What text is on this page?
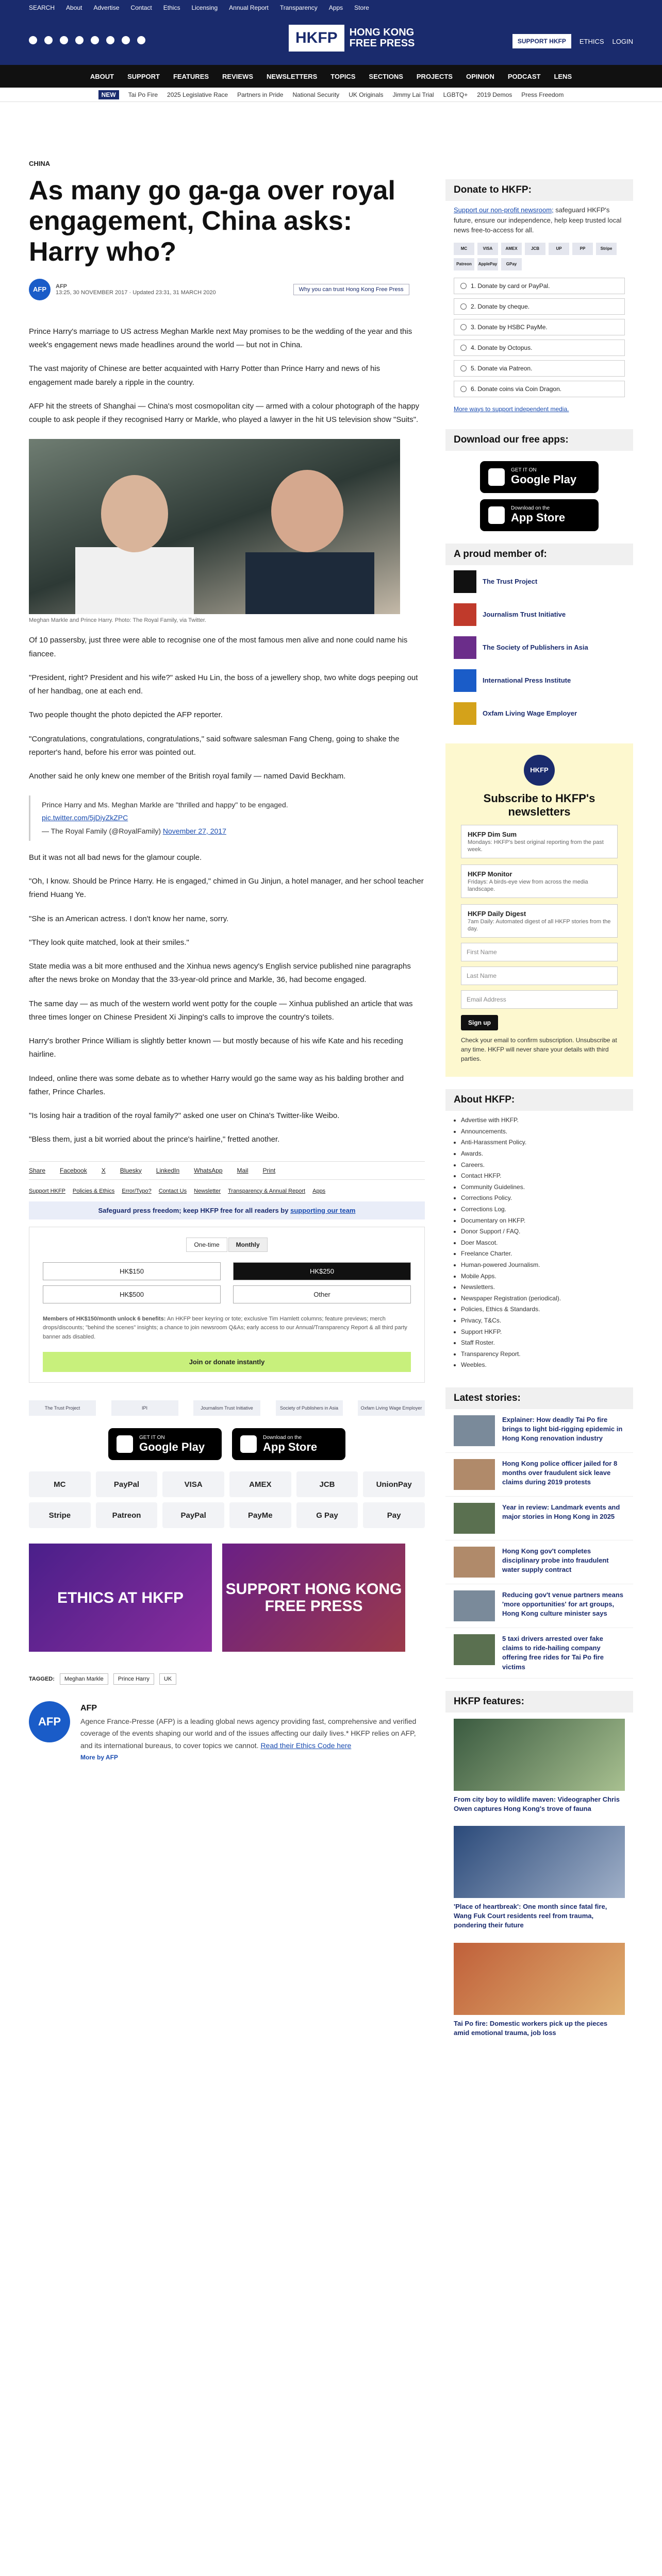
SEARCH About Advertise Contact Ethics Licensing Annual Report Transparency Apps Store
HKFP	HONG KONG
FREE PRESS	SUPPORT HKFP	ETHICS LOGIN
ABOUT SUPPORT FEATURES REVIEWS NEWSLETTERS TOPICS SECTIONS PROJECTS OPINION PODCAST LENS
NEW	Tai Po Fire 2025 Legislative Race Partners in Pride National Security UK Originals Jimmy Lai Trial LGBTQ+ 2019 Demos Press Freedom
CHINA
As many go ga-ga over royal engagement, China asks: Harry who?
AFP	AFP
13:25, 30 NOVEMBER 2017 · Updated 23:31, 31 MARCH 2020	Why you can trust Hong Kong Free Press

Prince Harry's marriage to US actress Meghan Markle next May promises to be the wedding of the year and this week's engagement news made headlines around the world — but not in China.

The vast majority of Chinese are better acquainted with Harry Potter than Prince Harry and news of his engagement made barely a ripple in the country.

AFP hit the streets of Shanghai — China's most cosmopolitan city — armed with a colour photograph of the happy couple to ask people if they recognised Harry or Markle, who played a lawyer in the hit US television show "Suits".

Meghan Markle and Prince Harry. Photo: The Royal Family, via Twitter.

Of 10 passersby, just three were able to recognise one of the most famous men alive and none could name his fiancee.

"President, right? President and his wife?" asked Hu Lin, the boss of a jewellery shop, two white dogs peeping out of her handbag, one at each end.

Two people thought the photo depicted the AFP reporter.

"Congratulations, congratulations, congratulations," said software salesman Fang Cheng, going to shake the reporter's hand, before his error was pointed out.

Another said he only knew one member of the British royal family — named David Beckham.

Prince Harry and Ms. Meghan Markle are "thrilled and happy" to be engaged.
pic.twitter.com/5jDiyZkZPC
— The Royal Family (@RoyalFamily) November 27, 2017

But it was not all bad news for the glamour couple.

"Oh, I know. Should be Prince Harry. He is engaged," chimed in Gu Jinjun, a hotel manager, and her school teacher friend Huang Ye.

"She is an American actress. I don't know her name, sorry.

"They look quite matched, look at their smiles."

State media was a bit more enthused and the Xinhua news agency's English service published nine paragraphs after the news broke on Monday that the 33-year-old prince and Markle, 36, had become engaged.

The same day — as much of the western world went potty for the couple — Xinhua published an article that was three times longer on Chinese President Xi Jinping's calls to improve the country's toilets.

Harry's brother Prince William is slightly better known — but mostly because of his wife Kate and his receding hairline.

Indeed, online there was some debate as to whether Harry would go the same way as his balding brother and father, Prince Charles.

"Is losing hair a tradition of the royal family?" asked one user on China's Twitter-like Weibo.

"Bless them, just a bit worried about the prince's hairline," fretted another.

Share Facebook X Bluesky LinkedIn WhatsApp Mail Print
Support HKFP Policies & Ethics Error/Typo? Contact Us Newsletter Transparency & Annual Report Apps
Safeguard press freedom; keep HKFP free for all readers by supporting our team
One-time	Monthly
HK$150	HK$250
HK$500	Other
Members of HK$150/month unlock 6 benefits: An HKFP beer keyring or tote; exclusive Tim Hamlett columns; feature previews; merch drops/discounts; "behind the scenes" insights; a chance to join newsroom Q&As; early access to our Annual/Transparency Report & all third party banner ads disabled.
Join or donate instantly
The Trust Project	IPI	Journalism Trust Initiative	Society of Publishers in Asia	Oxfam Living Wage Employer
GET IT ON
Google Play
Download on the
App Store
MC	PayPal	VISA	AMEX	JCB	UnionPay
Stripe	Patreon	PayPal	PayMe	G Pay	Pay
ETHICS AT HKFP	SUPPORT HONG KONG FREE PRESS
TAGGED:	Meghan Markle	Prince Harry	UK
AFP
AFP

Agence France-Presse (AFP) is a leading global news agency providing fast, comprehensive and verified coverage of the events shaping our world and of the issues affecting our daily lives.* HKFP relies on AFP, and its international bureaus, to cover topics we cannot. Read their Ethics Code here

More by AFP
Donate to HKFP:
Support our non-profit newsroom; safeguard HKFP's future, ensure our independence, help keep trusted local news free-to-access for all.
MC	VISA	AMEX	JCB	UP	PP	Stripe
Patreon	ApplePay	GPay
1. Donate by card or PayPal.
2. Donate by cheque.
3. Donate by HSBC PayMe.
4. Donate by Octopus.
5. Donate via Patreon.
6. Donate coins via Coin Dragon.
More ways to support independent media.
Download our free apps:
GET IT ON
Google Play
Download on the
App Store
A proud member of:
The Trust Project
Journalism Trust Initiative
The Society of Publishers in Asia
International Press Institute
Oxfam Living Wage Employer
HKFP
Subscribe to HKFP's newsletters
HKFP Dim Sum
Mondays: HKFP's best original reporting from the past week.
HKFP Monitor
Fridays: A birds-eye view from across the media landscape.
HKFP Daily Digest
7am Daily: Automated digest of all HKFP stories from the day.
First Name
Last Name
Email Address
Sign up
Check your email to confirm subscription. Unsubscribe at any time. HKFP will never share your details with third parties.
About HKFP:
• Advertise with HKFP.
• Announcements.
• Anti-Harassment Policy.
• Awards.
• Careers.
• Contact HKFP.
• Community Guidelines.
• Corrections Policy.
• Corrections Log.
• Documentary on HKFP.
• Donor Support / FAQ.
• Doer Mascot.
• Freelance Charter.
• Human-powered Journalism.
• Mobile Apps.
• Newsletters.
• Newspaper Registration (periodical).
• Policies, Ethics & Standards.
• Privacy, T&Cs.
• Support HKFP.
• Staff Roster.
• Transparency Report.
• Weebles.
Latest stories:

Explainer: How deadly Tai Po fire brings to light bid-rigging epidemic in Hong Kong renovation industry

Hong Kong police officer jailed for 8 months over fraudulent sick leave claims during 2019 protests

Year in review: Landmark events and major stories in Hong Kong in 2025

Hong Kong gov't completes disciplinary probe into fraudulent water supply contract

Reducing gov't venue partners means 'more opportunities' for art groups, Hong Kong culture minister says

5 taxi drivers arrested over fake claims to ride-hailing company offering free rides for Tai Po fire victims

HKFP features:

From city boy to wildlife maven: Videographer Chris Owen captures Hong Kong's trove of fauna

'Place of heartbreak': One month since fatal fire, Wang Fuk Court residents reel from trauma, pondering their future

Tai Po fire: Domestic workers pick up the pieces amid emotional trauma, job loss
